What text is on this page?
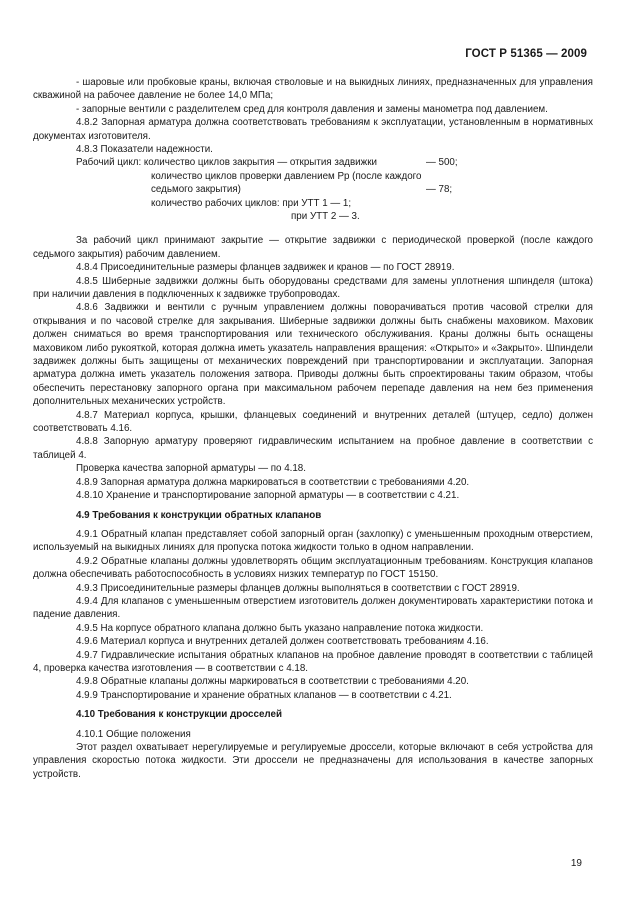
ГОСТ Р 51365 — 2009

- шаровые или пробковые краны, включая стволовые и на выкидных линиях, предназначенных для управления скважиной на рабочее давление не более 14,0 МПа;

- запорные вентили с разделителем сред для контроля давления и замены манометра под давлением.

4.8.2 Запорная арматура должна соответствовать требованиям к эксплуатации, установленным в нормативных документах изготовителя.

4.8.3 Показатели надежности.

Рабочий цикл: количество циклов закрытия — открытия задвижки	— 500;
количество циклов проверки давлением Рр (после каждого
седьмого закрытия)	— 78;
количество рабочих циклов: при УТТ 1 — 1;
при УТТ 2 — 3.

За рабочий цикл принимают закрытие — открытие задвижки с периодической проверкой (после каждого седьмого закрытия) рабочим давлением.

4.8.4 Присоединительные размеры фланцев задвижек и кранов — по ГОСТ 28919.

4.8.5 Шиберные задвижки должны быть оборудованы средствами для замены уплотнения шпинделя (штока) при наличии давления в подключенных к задвижке трубопроводах.

4.8.6 Задвижки и вентили с ручным управлением должны поворачиваться против часовой стрелки для открывания и по часовой стрелке для закрывания. Шиберные задвижки должны быть снабжены маховиком. Маховик должен сниматься во время транспортирования или технического обслуживания. Краны должны быть оснащены маховиком либо рукояткой, которая должна иметь указатель направления вращения: «Открыто» и «Закрыто». Шпиндели задвижек должны быть защищены от механических повреждений при транспортировании и эксплуатации. Запорная арматура должна иметь указатель положения затвора. Приводы должны быть спроектированы таким образом, чтобы обеспечить перестановку запорного органа при максимальном рабочем перепаде давления на нем без применения дополнительных механических устройств.

4.8.7 Материал корпуса, крышки, фланцевых соединений и внутренних деталей (штуцер, седло) должен соответствовать 4.16.

4.8.8 Запорную арматуру проверяют гидравлическим испытанием на пробное давление в соответствии с таблицей 4.

Проверка качества запорной арматуры — по 4.18.

4.8.9 Запорная арматура должна маркироваться в соответствии с требованиями 4.20.

4.8.10 Хранение и транспортирование запорной арматуры — в соответствии с 4.21.

4.9 Требования к конструкции обратных клапанов

4.9.1 Обратный клапан представляет собой запорный орган (захлопку) с уменьшенным проходным отверстием, используемый на выкидных линиях для пропуска потока жидкости только в одном направлении.

4.9.2 Обратные клапаны должны удовлетворять общим эксплуатационным требованиям. Конструкция клапанов должна обеспечивать работоспособность в условиях низких температур по ГОСТ 15150.

4.9.3 Присоединительные размеры фланцев должны выполняться в соответствии с ГОСТ 28919.

4.9.4 Для клапанов с уменьшенным отверстием изготовитель должен документировать характеристики потока и падение давления.

4.9.5 На корпусе обратного клапана должно быть указано направление потока жидкости.

4.9.6 Материал корпуса и внутренних деталей должен соответствовать требованиям 4.16.

4.9.7 Гидравлические испытания обратных клапанов на пробное давление проводят в соответствии с таблицей 4, проверка качества изготовления — в соответствии с 4.18.

4.9.8 Обратные клапаны должны маркироваться в соответствии с требованиями 4.20.

4.9.9 Транспортирование и хранение обратных клапанов — в соответствии с 4.21.

4.10 Требования к конструкции дросселей

4.10.1 Общие положения

Этот раздел охватывает нерегулируемые и регулируемые дроссели, которые включают в себя устройства для управления скоростью потока жидкости. Эти дроссели не предназначены для использования в качестве запорных устройств.

19
